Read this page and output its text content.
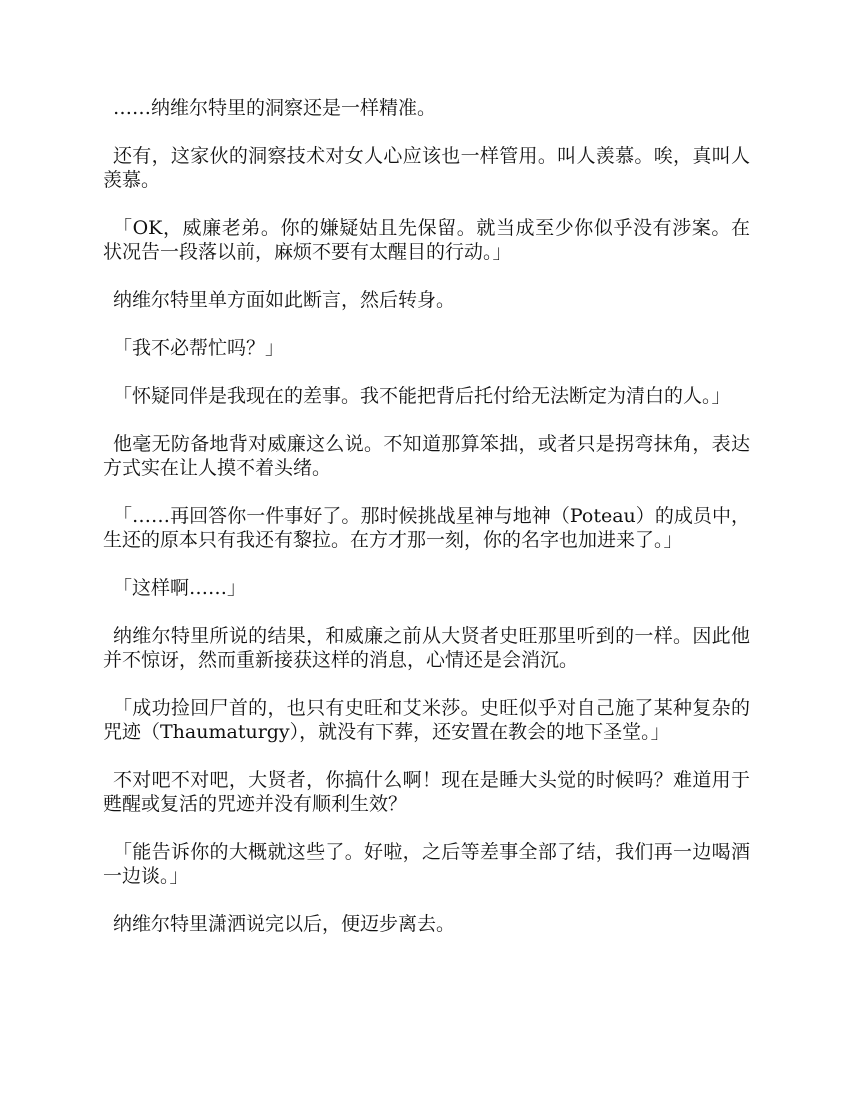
……纳维尔特里的洞察还是一样精准。

还有，这家伙的洞察技术对女人心应该也一样管用。叫人羡慕。唉，真叫人羡慕。

「OK，威廉老弟。你的嫌疑姑且先保留。就当成至少你似乎没有涉案。在状况告一段落以前，麻烦不要有太醒目的行动。」

纳维尔特里单方面如此断言，然后转身。

「我不必帮忙吗？」

「怀疑同伴是我现在的差事。我不能把背后托付给无法断定为清白的人。」

他毫无防备地背对威廉这么说。不知道那算笨拙，或者只是拐弯抹角，表达方式实在让人摸不着头绪。

「……再回答你一件事好了。那时候挑战星神与地神（Poteau）的成员中，生还的原本只有我还有黎拉。在方才那一刻，你的名字也加进来了。」

「这样啊……」

纳维尔特里所说的结果，和威廉之前从大贤者史旺那里听到的一样。因此他并不惊讶，然而重新接获这样的消息，心情还是会消沉。

「成功捡回尸首的，也只有史旺和艾米莎。史旺似乎对自己施了某种复杂的咒迹（Thaumaturgy），就没有下葬，还安置在教会的地下圣堂。」

不对吧不对吧，大贤者，你搞什么啊！现在是睡大头觉的时候吗？难道用于甦醒或复活的咒迹并没有顺利生效？

「能告诉你的大概就这些了。好啦，之后等差事全部了结，我们再一边喝酒一边谈。」

纳维尔特里潇洒说完以后，便迈步离去。
